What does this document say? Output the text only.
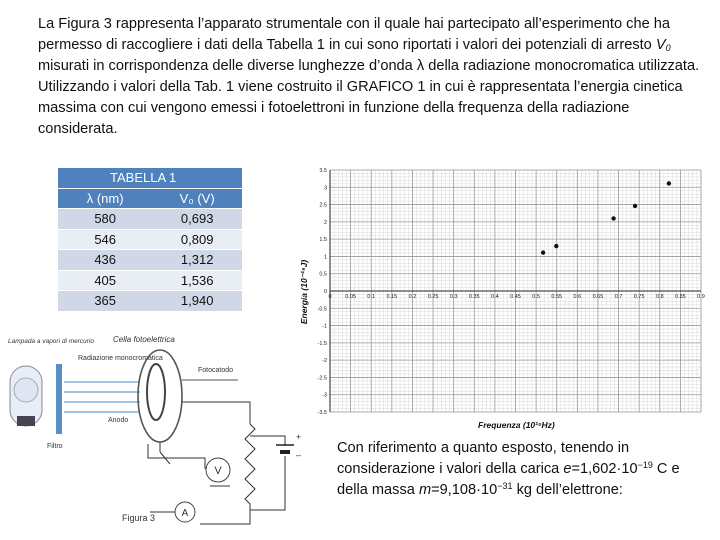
La Figura 3 rappresenta l’apparato strumentale con il quale hai partecipato all’esperimento che ha permesso di raccogliere i dati della Tabella 1 in cui sono riportati i valori dei potenziali di arresto $V_0$ misurati in corrispondenza delle diverse lunghezze d’onda λ della radiazione monocromatica utilizzata. Utilizzando i valori della Tab. 1 viene costruito il GRAFICO 1 in cui è rappresentata l’energia cinetica massima con cui vengono emessi i fotoelettroni in funzione della frequenza della radiazione considerata.

TABELLA 1	
λ (nm)	V₀ (V)
580	0,693
546	0,809
436	1,312
405	1,536
365	1,940	0 0.05 0.1 0.15 0.2 0.25 0.3 0.35 0.4 0.45 0.5 0.55 0.6 0.65 0.7 0.75 0.8 0.85 0.9
3.5
3
2.5
2
1.5
1
0.5
0
-0.5
-1
-1.5
-2
-2.5
-3
-3.5
Frequenza (10¹⁵Hz)
Energia (10⁻¹⁹J)
Lampada a vapori di mercurio
Filtro
Radiazione monocromatica
Cella fotoelettrica
Fotocatodo
Anodo
+
–
V
A
Figura 3

Con riferimento a quanto esposto, tenendo in considerazione i valori della carica $e=1,602\cdot 10^{-19}$ C e della massa $m=9,108\cdot 10^{-31}$ kg dell’elettrone:
